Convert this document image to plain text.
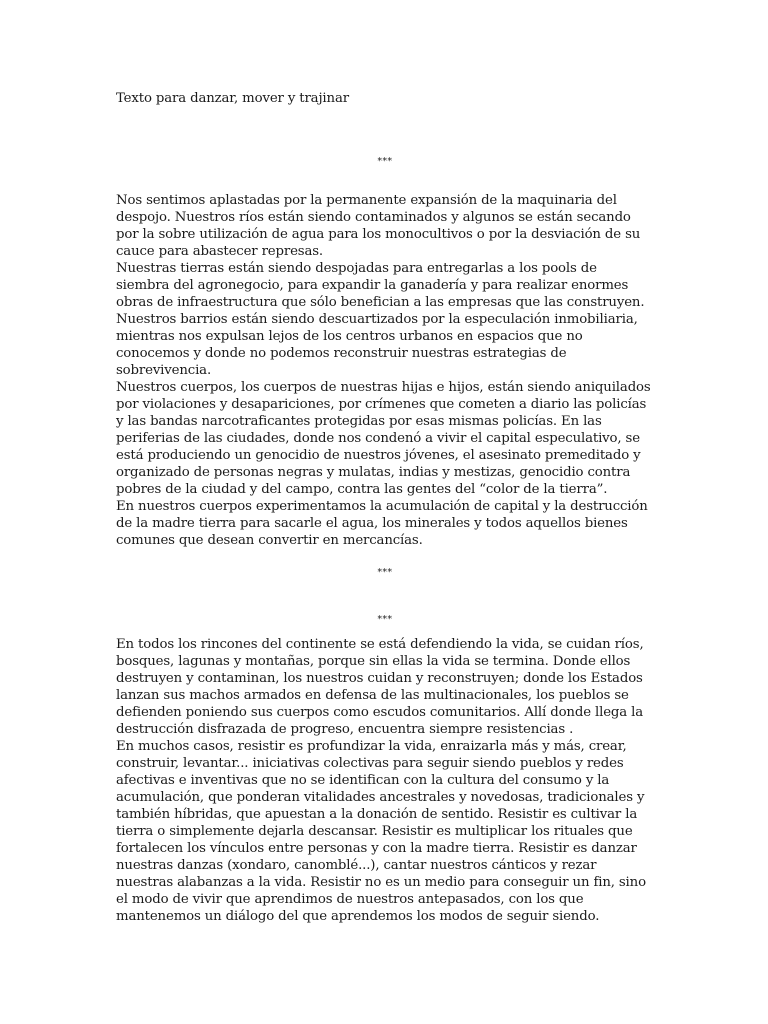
Texto para danzar, mover y trajinar
***

Nos sentimos aplastadas por la permanente expansión de la maquinaria del despojo. Nuestros ríos están siendo contaminados y algunos se están secando por la sobre utilización de agua para los monocultivos o por la desviación de su cauce para abastecer represas.

Nuestras tierras están siendo despojadas para entregarlas a los pools de siembra del agronegocio, para expandir la ganadería y para realizar enormes obras de infraestructura que sólo benefician a las empresas que las construyen.

Nuestros barrios están siendo descuartizados por la especulación inmobiliaria, mientras nos expulsan lejos de los centros urbanos en espacios que no conocemos y donde no podemos reconstruir nuestras estrategias de sobrevivencia.

Nuestros cuerpos, los cuerpos de nuestras hijas e hijos, están siendo aniquilados por violaciones y desapariciones, por crímenes que cometen a diario las policías y las bandas narcotraficantes protegidas por esas mismas policías. En las periferias de las ciudades, donde nos condenó a vivir el capital especulativo, se está produciendo un genocidio de nuestros jóvenes, el asesinato premeditado y organizado de personas negras y mulatas, indias y mestizas, genocidio contra pobres de la ciudad y del campo, contra las gentes del “color de la tierra”.

En nuestros cuerpos experimentamos la acumulación de capital y la destrucción de la madre tierra para sacarle el agua, los minerales y todos aquellos bienes comunes que desean convertir en mercancías.

***
***

En todos los rincones del continente se está defendiendo la vida, se cuidan ríos, bosques, lagunas y montañas, porque sin ellas la vida se termina. Donde ellos destruyen y contaminan, los nuestros cuidan y reconstruyen; donde los Estados lanzan sus machos armados en defensa de las multinacionales, los pueblos se defienden poniendo sus cuerpos como escudos comunitarios. Allí donde llega la destrucción disfrazada de progreso, encuentra siempre resistencias .

En muchos casos, resistir es profundizar la vida, enraizarla más y más, crear, construir, levantar... iniciativas colectivas para seguir siendo pueblos y redes afectivas e inventivas que no se identifican con la cultura del consumo y la acumulación, que ponderan vitalidades ancestrales y novedosas, tradicionales y también híbridas, que apuestan a la donación de sentido. Resistir es cultivar la tierra o simplemente dejarla descansar. Resistir es multiplicar los rituales que fortalecen los vínculos entre personas y con la madre tierra. Resistir es danzar nuestras danzas (xondaro, canomblé...), cantar nuestros cánticos y rezar nuestras alabanzas a la vida. Resistir no es un medio para conseguir un fin, sino el modo de vivir que aprendimos de nuestros antepasados, con los que mantenemos un diálogo del que aprendemos los modos de seguir siendo.
